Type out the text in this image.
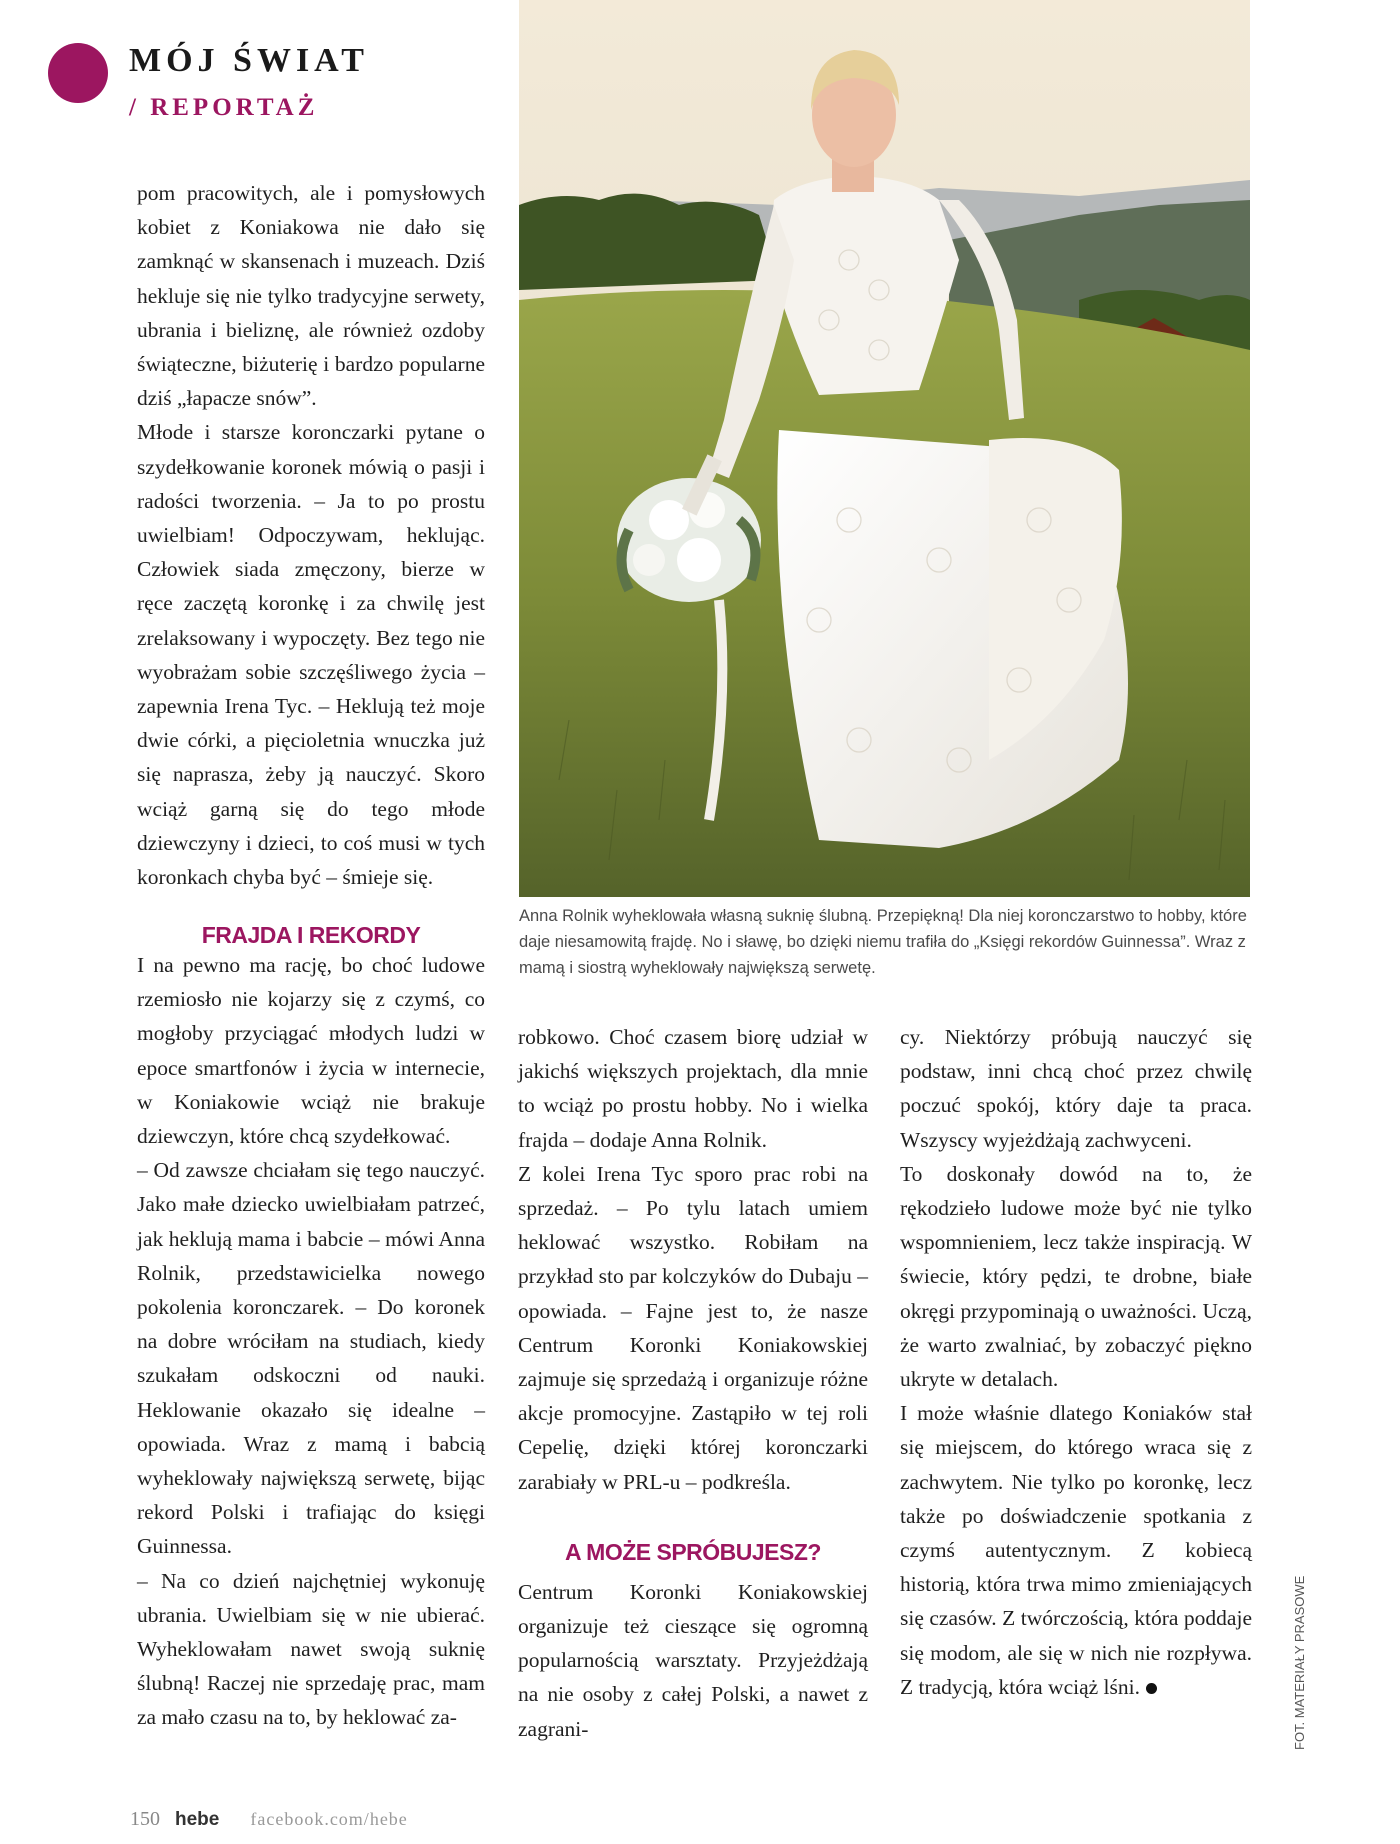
MÓJ ŚWIAT
/ REPORTAŻ

pom pracowitych, ale i pomysłowych kobiet z Koniakowa nie dało się zamknąć w skansenach i muzeach. Dziś hekluje się nie tylko tradycyjne serwety, ubrania i bieliznę, ale również ozdoby świąteczne, biżuterię i bardzo popularne dziś „łapacze snów”.

Młode i starsze koronczarki pytane o szydełkowanie koronek mówią o pasji i radości tworzenia. – Ja to po prostu uwielbiam! Odpoczywam, heklując. Człowiek siada zmęczony, bierze w ręce zaczętą koronkę i za chwilę jest zrelaksowany i wypoczęty. Bez tego nie wyobrażam sobie szczęśliwego życia – zapewnia Irena Tyc. – Heklują też moje dwie córki, a pięcioletnia wnuczka już się naprasza, żeby ją nauczyć. Skoro wciąż garną się do tego młode dziewczyny i dzieci, to coś musi w tych koronkach chyba być – śmieje się.

FRAJDA I REKORDY

I na pewno ma rację, bo choć ludowe rzemiosło nie kojarzy się z czymś, co mogłoby przyciągać młodych ludzi w epoce smartfonów i życia w internecie, w Koniakowie wciąż nie brakuje dziewczyn, które chcą szydełkować.

– Od zawsze chciałam się tego nauczyć. Jako małe dziecko uwielbiałam patrzeć, jak heklują mama i babcie – mówi Anna Rolnik, przedstawicielka nowego pokolenia koronczarek. – Do koronek na dobre wróciłam na studiach, kiedy szukałam odskoczni od nauki. Heklowanie okazało się idealne – opowiada. Wraz z mamą i babcią wyheklowały największą serwetę, bijąc rekord Polski i trafiając do księgi Guinnessa.

– Na co dzień najchętniej wykonuję ubrania. Uwielbiam się w nie ubierać. Wyheklowałam nawet swoją suknię ślubną! Raczej nie sprzedaję prac, mam za mało czasu na to, by heklować za-

Anna Rolnik wyheklowała własną suknię ślubną. Przepiękną! Dla niej koronczarstwo to hobby, które daje niesamowitą frajdę. No i sławę, bo dzięki niemu trafiła do „Księgi rekordów Guinnessa”. Wraz z mamą i siostrą wyheklowały największą serwetę.

robkowo. Choć czasem biorę udział w jakichś większych projektach, dla mnie to wciąż po prostu hobby. No i wielka frajda – dodaje Anna Rolnik.

Z kolei Irena Tyc sporo prac robi na sprzedaż. – Po tylu latach umiem heklować wszystko. Robiłam na przykład sto par kolczyków do Dubaju – opowiada. – Fajne jest to, że nasze Centrum Koronki Koniakowskiej zajmuje się sprzedażą i organizuje różne akcje promocyjne. Zastąpiło w tej roli Cepelię, dzięki której koronczarki zarabiały w PRL-u – podkreśla.

A MOŻE SPRÓBUJESZ?

Centrum Koronki Koniakowskiej organizuje też cieszące się ogromną popularnością warsztaty. Przyjeżdżają na nie osoby z całej Polski, a nawet z zagrani-

cy. Niektórzy próbują nauczyć się podstaw, inni chcą choć przez chwilę poczuć spokój, który daje ta praca. Wszyscy wyjeżdżają zachwyceni.

To doskonały dowód na to, że rękodzieło ludowe może być nie tylko wspomnieniem, lecz także inspiracją. W świecie, który pędzi, te drobne, białe okręgi przypominają o uważności. Uczą, że warto zwalniać, by zobaczyć piękno ukryte w detalach.

I może właśnie dlatego Koniaków stał się miejscem, do którego wraca się z zachwytem. Nie tylko po koronkę, lecz także po doświadczenie spotkania z czymś autentycznym. Z kobiecą historią, która trwa mimo zmieniających się czasów. Z twórczością, która poddaje się modom, ale się w nich nie rozpływa. Z tradycją, która wciąż lśni.	FOT. MATERIAŁY PRASOWE
150 hebe facebook.com/hebe
